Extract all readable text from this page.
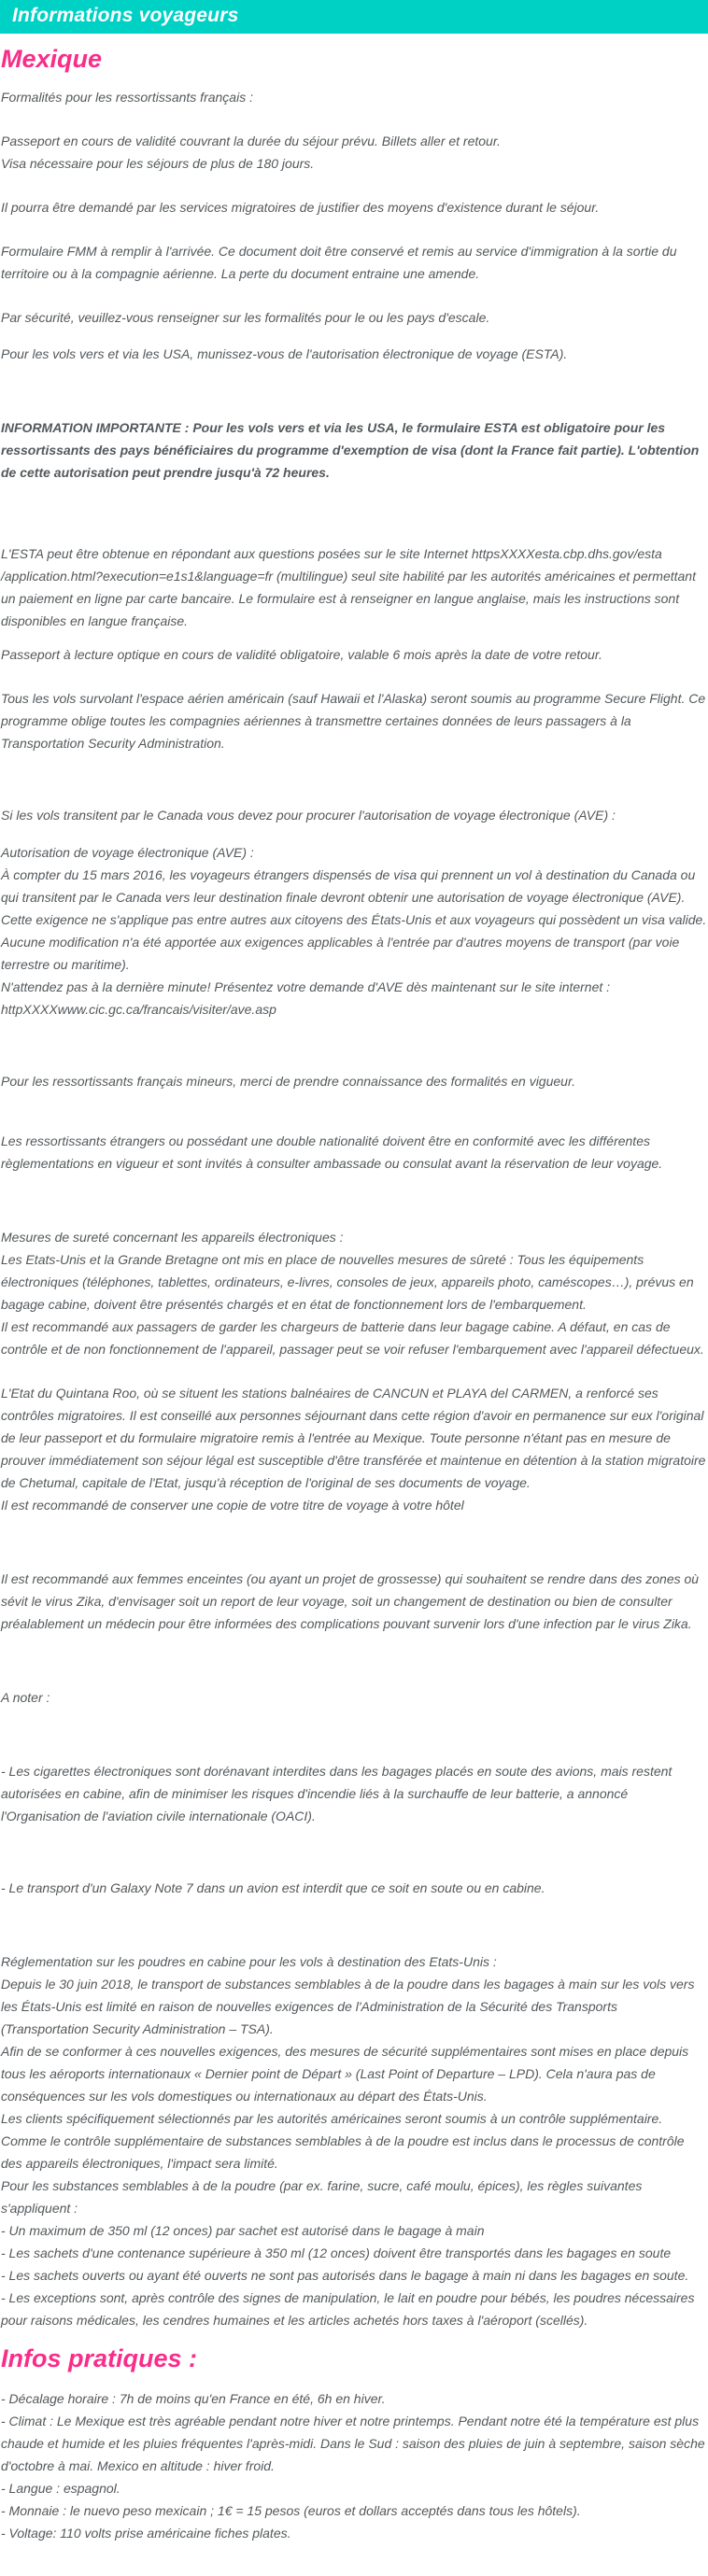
Informations voyageurs
Mexique

Formalités pour les ressortissants français :

Passeport en cours de validité couvrant la durée du séjour prévu. Billets aller et retour.

Visa nécessaire pour les séjours de plus de 180 jours.

Il pourra être demandé par les services migratoires de justifier des moyens d'existence durant le séjour.

Formulaire FMM à remplir à l'arrivée. Ce document doit être conservé et remis au service d'immigration à la sortie du territoire ou à la compagnie aérienne. La perte du document entraine une amende.

Par sécurité, veuillez-vous renseigner sur les formalités pour le ou les pays d'escale.

Pour les vols vers et via les USA, munissez-vous de l'autorisation électronique de voyage (ESTA).

INFORMATION IMPORTANTE : Pour les vols vers et via les USA, le formulaire ESTA est obligatoire pour les ressortissants des pays bénéficiaires du programme d'exemption de visa (dont la France fait partie). L'obtention de cette autorisation peut prendre jusqu'à 72 heures.

L'ESTA peut être obtenue en répondant aux questions posées sur le site Internet httpsXXXXesta.cbp.dhs.gov/esta /application.html?execution=e1s1&language=fr (multilingue) seul site habilité par les autorités américaines et permettant un paiement en ligne par carte bancaire. Le formulaire est à renseigner en langue anglaise, mais les instructions sont disponibles en langue française.

Passeport à lecture optique en cours de validité obligatoire, valable 6 mois après la date de votre retour.

Tous les vols survolant l'espace aérien américain (sauf Hawaii et l'Alaska) seront soumis au programme Secure Flight. Ce programme oblige toutes les compagnies aériennes à transmettre certaines données de leurs passagers à la Transportation Security Administration.

Si les vols transitent par le Canada vous devez pour procurer l'autorisation de voyage électronique (AVE) :

Autorisation de voyage électronique (AVE) :

À compter du 15 mars 2016, les voyageurs étrangers dispensés de visa qui prennent un vol à destination du Canada ou qui transitent par le Canada vers leur destination finale devront obtenir une autorisation de voyage électronique (AVE). Cette exigence ne s'applique pas entre autres aux citoyens des États-Unis et aux voyageurs qui possèdent un visa valide. Aucune modification n'a été apportée aux exigences applicables à l'entrée par d'autres moyens de transport (par voie terrestre ou maritime).

N'attendez pas à la dernière minute! Présentez votre demande d'AVE dès maintenant sur le site internet : httpXXXXwww.cic.gc.ca/francais/visiter/ave.asp

Pour les ressortissants français mineurs, merci de prendre connaissance des formalités en vigueur.

Les ressortissants étrangers ou possédant une double nationalité doivent être en conformité avec les différentes règlementations en vigueur et sont invités à consulter ambassade ou consulat avant la réservation de leur voyage.

Mesures de sureté concernant les appareils électroniques :

Les Etats-Unis et la Grande Bretagne ont mis en place de nouvelles mesures de sûreté : Tous les équipements électroniques (téléphones, tablettes, ordinateurs, e-livres, consoles de jeux, appareils photo, caméscopes…), prévus en bagage cabine, doivent être présentés chargés et en état de fonctionnement lors de l'embarquement.

Il est recommandé aux passagers de garder les chargeurs de batterie dans leur bagage cabine. A défaut, en cas de contrôle et de non fonctionnement de l'appareil, passager peut se voir refuser l'embarquement avec l'appareil défectueux.

L'Etat du Quintana Roo, où se situent les stations balnéaires de CANCUN et PLAYA del CARMEN, a renforcé ses contrôles migratoires. Il est conseillé aux personnes séjournant dans cette région d'avoir en permanence sur eux l'original de leur passeport et du formulaire migratoire remis à l'entrée au Mexique. Toute personne n'étant pas en mesure de prouver immédiatement son séjour légal est susceptible d'être transférée et maintenue en détention à la station migratoire de Chetumal, capitale de l'Etat, jusqu'à réception de l'original de ses documents de voyage.

Il est recommandé de conserver une copie de votre titre de voyage à votre hôtel

Il est recommandé aux femmes enceintes (ou ayant un projet de grossesse) qui souhaitent se rendre dans des zones où sévit le virus Zika, d'envisager soit un report de leur voyage, soit un changement de destination ou bien de consulter préalablement un médecin pour être informées des complications pouvant survenir lors d'une infection par le virus Zika.

A noter :

- Les cigarettes électroniques sont dorénavant interdites dans les bagages placés en soute des avions, mais restent autorisées en cabine, afin de minimiser les risques d'incendie liés à la surchauffe de leur batterie, a annoncé l'Organisation de l'aviation civile internationale (OACI).

- Le transport d'un Galaxy Note 7 dans un avion est interdit que ce soit en soute ou en cabine.

Réglementation sur les poudres en cabine pour les vols à destination des Etats-Unis :

Depuis le 30 juin 2018, le transport de substances semblables à de la poudre dans les bagages à main sur les vols vers les États-Unis est limité en raison de nouvelles exigences de l'Administration de la Sécurité des Transports (Transportation Security Administration – TSA).

Afin de se conformer à ces nouvelles exigences, des mesures de sécurité supplémentaires sont mises en place depuis tous les aéroports internationaux « Dernier point de Départ » (Last Point of Departure – LPD). Cela n'aura pas de conséquences sur les vols domestiques ou internationaux au départ des États-Unis.

Les clients spécifiquement sélectionnés par les autorités américaines seront soumis à un contrôle supplémentaire.

Comme le contrôle supplémentaire de substances semblables à de la poudre est inclus dans le processus de contrôle des appareils électroniques, l'impact sera limité.

Pour les substances semblables à de la poudre (par ex. farine, sucre, café moulu, épices), les règles suivantes s'appliquent :

- Un maximum de 350 ml (12 onces) par sachet est autorisé dans le bagage à main

- Les sachets d'une contenance supérieure à 350 ml (12 onces) doivent être transportés dans les bagages en soute

- Les sachets ouverts ou ayant été ouverts ne sont pas autorisés dans le bagage à main ni dans les bagages en soute.

- Les exceptions sont, après contrôle des signes de manipulation, le lait en poudre pour bébés, les poudres nécessaires pour raisons médicales, les cendres humaines et les articles achetés hors taxes à l'aéroport (scellés).

Infos pratiques :

- Décalage horaire : 7h de moins qu'en France en été, 6h en hiver.

- Climat : Le Mexique est très agréable pendant notre hiver et notre printemps. Pendant notre été la température est plus chaude et humide et les pluies fréquentes l'après-midi. Dans le Sud : saison des pluies de juin à septembre, saison sèche d'octobre à mai. Mexico en altitude : hiver froid.

- Langue : espagnol.

- Monnaie : le nuevo peso mexicain ; 1€ = 15 pesos (euros et dollars acceptés dans tous les hôtels).

- Voltage: 110 volts prise américaine fiches plates.
